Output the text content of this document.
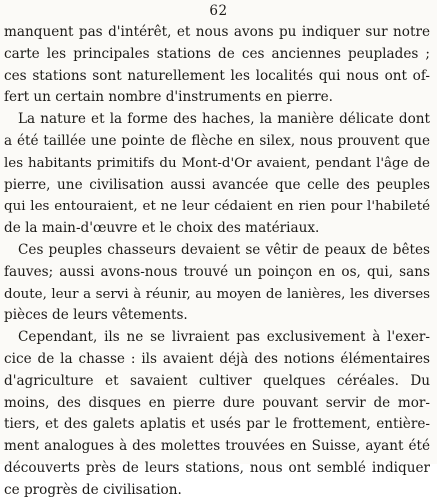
62
manquent pas d'intérêt, et nous avons pu indiquer sur notre
carte les principales stations de ces anciennes peuplades ;
ces stations sont naturellement les localités qui nous ont of-
fert un certain nombre d'instruments en pierre.
La nature et la forme des haches, la manière délicate dont
a été taillée une pointe de flèche en silex, nous prouvent que
les habitants primitifs du Mont-d'Or avaient, pendant l'âge de
pierre, une civilisation aussi avancée que celle des peuples
qui les entouraient, et ne leur cédaient en rien pour l'habileté
de la main-d'œuvre et le choix des matériaux.
Ces peuples chasseurs devaient se vêtir de peaux de bêtes
fauves; aussi avons-nous trouvé un poinçon en os, qui, sans
doute, leur a servi à réunir, au moyen de lanières, les diverses
pièces de leurs vêtements.
Cependant, ils ne se livraient pas exclusivement à l'exer-
cice de la chasse : ils avaient déjà des notions élémentaires
d'agriculture et savaient cultiver quelques céréales. Du
moins, des disques en pierre dure pouvant servir de mor-
tiers, et des galets aplatis et usés par le frottement, entière-
ment analogues à des molettes trouvées en Suisse, ayant été
découverts près de leurs stations, nous ont semblé indiquer
ce progrès de civilisation.
